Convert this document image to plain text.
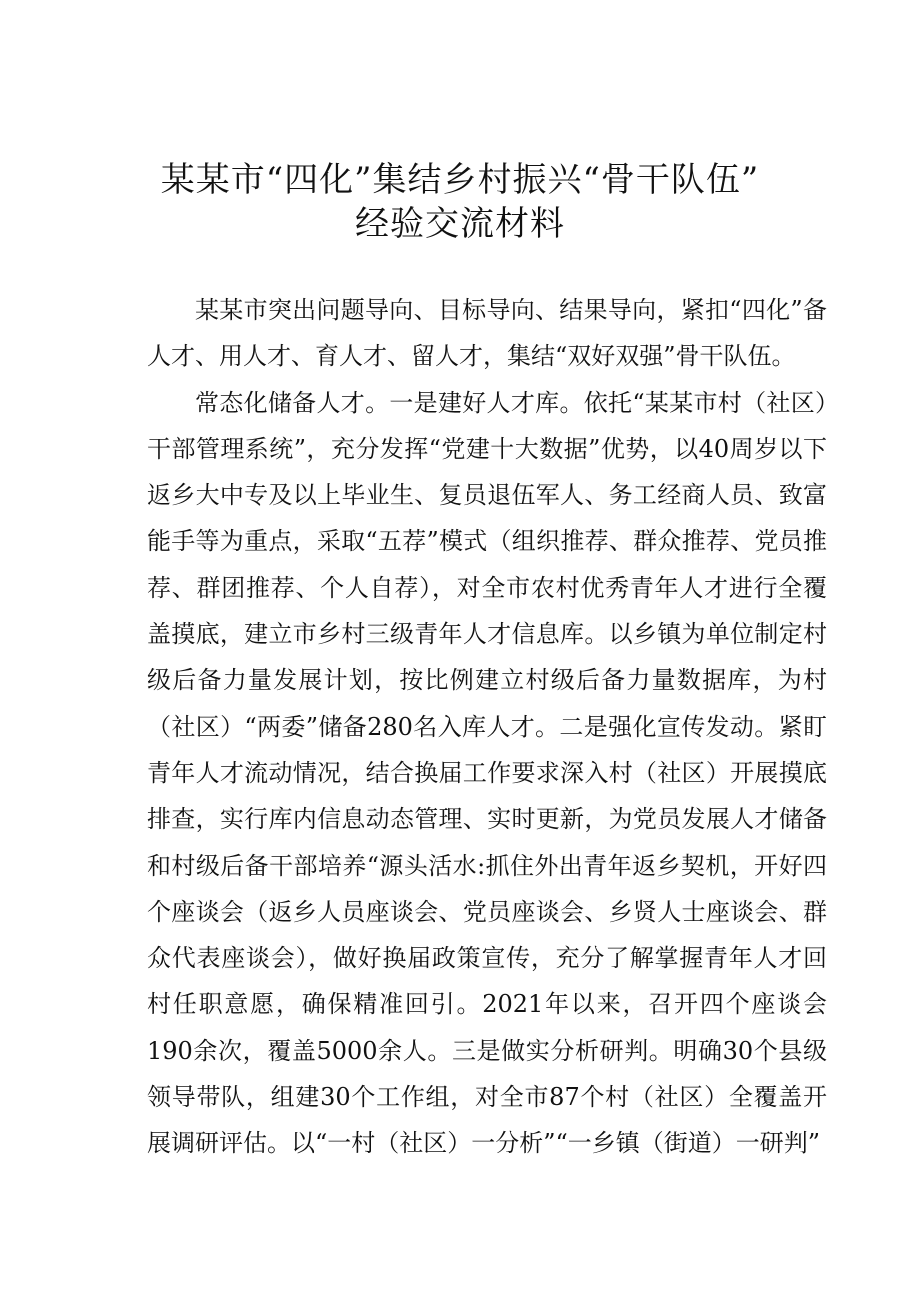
某某市“四化”集结乡村振兴“骨干队伍”
经验交流材料

某某市突出问题导向、目标导向、结果导向，紧扣“四化”备人才、用人才、育人才、留人才，集结“双好双强”骨干队伍。

常态化储备人才。一是建好人才库。依托“某某市村（社区）干部管理系统”，充分发挥“党建十大数据”优势，以40周岁以下返乡大中专及以上毕业生、复员退伍军人、务工经商人员、致富能手等为重点，采取“五荐”模式（组织推荐、群众推荐、党员推荐、群团推荐、个人自荐），对全市农村优秀青年人才进行全覆盖摸底，建立市乡村三级青年人才信息库。以乡镇为单位制定村级后备力量发展计划，按比例建立村级后备力量数据库，为村（社区）“两委”储备280名入库人才。二是强化宣传发动。紧盯青年人才流动情况，结合换届工作要求深入村（社区）开展摸底排查，实行库内信息动态管理、实时更新，为党员发展人才储备和村级后备干部培养“源头活水:抓住外出青年返乡契机，开好四个座谈会（返乡人员座谈会、党员座谈会、乡贤人士座谈会、群众代表座谈会），做好换届政策宣传，充分了解掌握青年人才回村任职意愿，确保精准回引。2021年以来，召开四个座谈会190余次，覆盖5000余人。三是做实分析研判。明确30个县级领导带队，组建30个工作组，对全市87个村（社区）全覆盖开展调研评估。以“一村（社区）一分析”“一乡镇（街道）一研判”
